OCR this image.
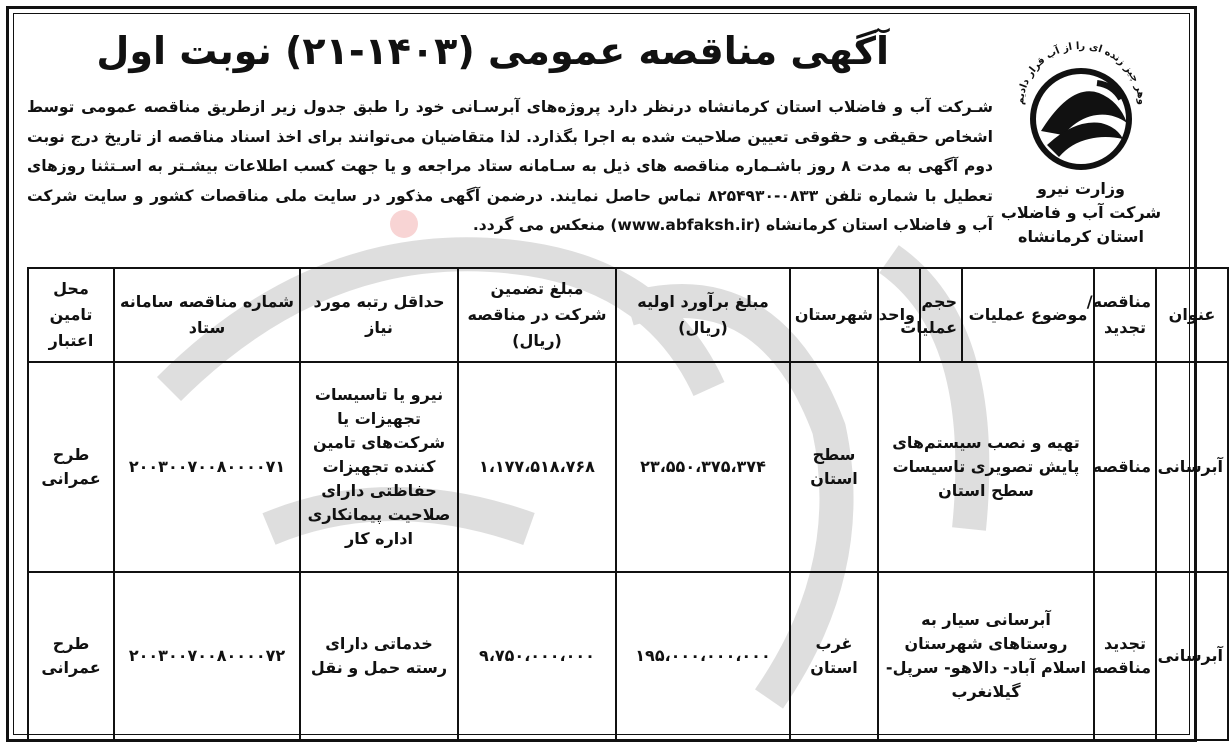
آگهی مناقصه عمومی (۱۴۰۳-۲۱) نوبت اول
وهر چیز زنده ای را از آب قرار دادیم
وزارت نیرو
شرکت آب و فاضلاب
استان کرمانشاه
شـرکت آب و فاضلاب استان کرمانشاه درنظر دارد پروژه‌های آبرسـانی خود را طبق جدول زیر ازطریق مناقصه عمومی توسط اشخاص حقیقی و حقوقی تعیین صلاحیت شده به اجرا بگذارد. لذا متقاضیان می‌توانند برای اخذ اسناد مناقصه از تاریخ درج نوبت دوم آگهی به مدت ۸ روز باشـماره مناقصه های ذیل به سـامانه ستاد مراجعه و یا جهت کسب اطلاعات بیشـتر به اسـتثنا روزهای تعطیل با شماره تلفن ۰۸۳۳-۸۲۵۴۹۳۰ تماس حاصل نمایند. درضمن آگهی مذکور در سایت ملی مناقصات کشور و سایت شرکت آب و فاضلاب استان کرمانشاه (www.abfaksh.ir) منعکس می گردد.
عنوان	مناقصه/ تجدید	موضوع عملیات	حجم عملیات	واحد	شهرستان	مبلغ برآورد اولیه (ریال)	مبلغ تضمین شرکت در مناقصه (ریال)	حداقل رتبه مورد نیاز	شماره مناقصه سامانه ستاد	محل تامین اعتبار
آبرسانی	مناقصه	تهیه و نصب سیستم‌های پایش تصویری تاسیسات سطح استان			سطح استان	۲۳،۵۵۰،۳۷۵،۳۷۴	۱،۱۷۷،۵۱۸،۷۶۸	نیرو یا تاسیسات تجهیزات یا شرکت‌های تامین کننده تجهیزات حفاظتی دارای صلاحیت پیمانکاری اداره کار	۲۰۰۳۰۰۷۰۰۸۰۰۰۰۷۱	طرح عمرانی
آبرسانی	تجدید مناقصه	آبرسانی سیار به روستاهای شهرستان اسلام آباد- دالاهو- سرپل- گیلانغرب			غرب استان	۱۹۵،۰۰۰،۰۰۰،۰۰۰	۹،۷۵۰،۰۰۰،۰۰۰	خدماتی دارای رسته حمل و نقل	۲۰۰۳۰۰۷۰۰۸۰۰۰۰۷۲	طرح عمرانی
